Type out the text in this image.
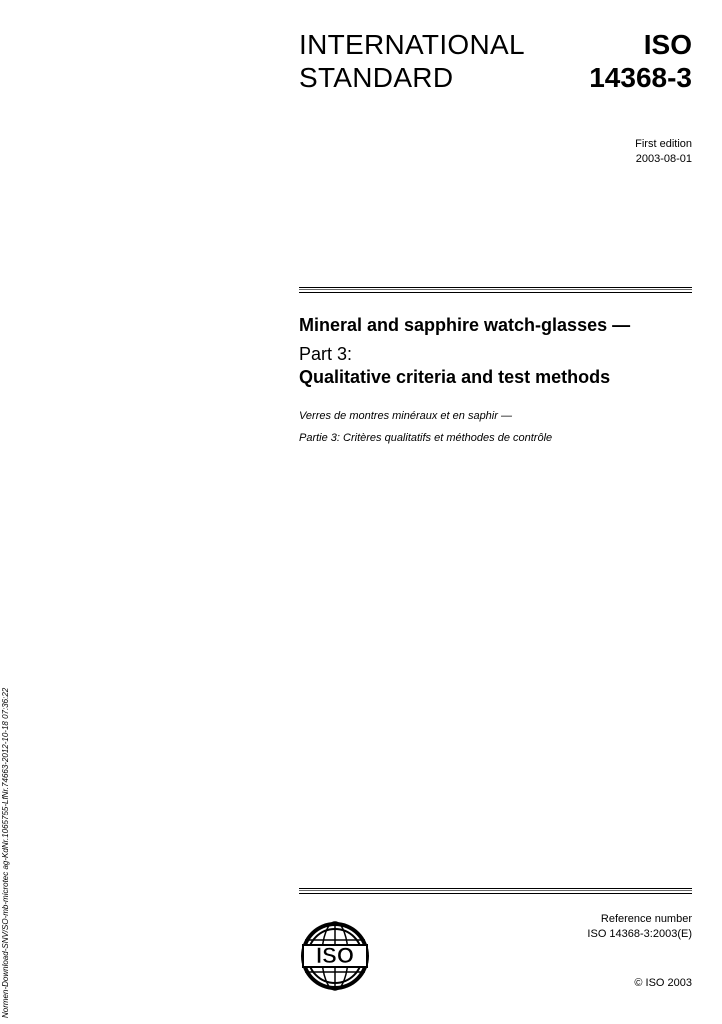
INTERNATIONAL
STANDARD
ISO
14368-3
First edition
2003-08-01
Mineral and sapphire watch-glasses —
Part 3:
Qualitative criteria and test methods
Verres de montres minéraux et en saphir —
Partie 3: Critères qualitatifs et méthodes de contrôle
Normen-Download-SNV/SO-mb-microtec ag-KdNr.1065755-LfNr.74663-2012-10-18 07:36:22	Reference number
ISO 14368-3:2003(E)
ISO
© ISO 2003
